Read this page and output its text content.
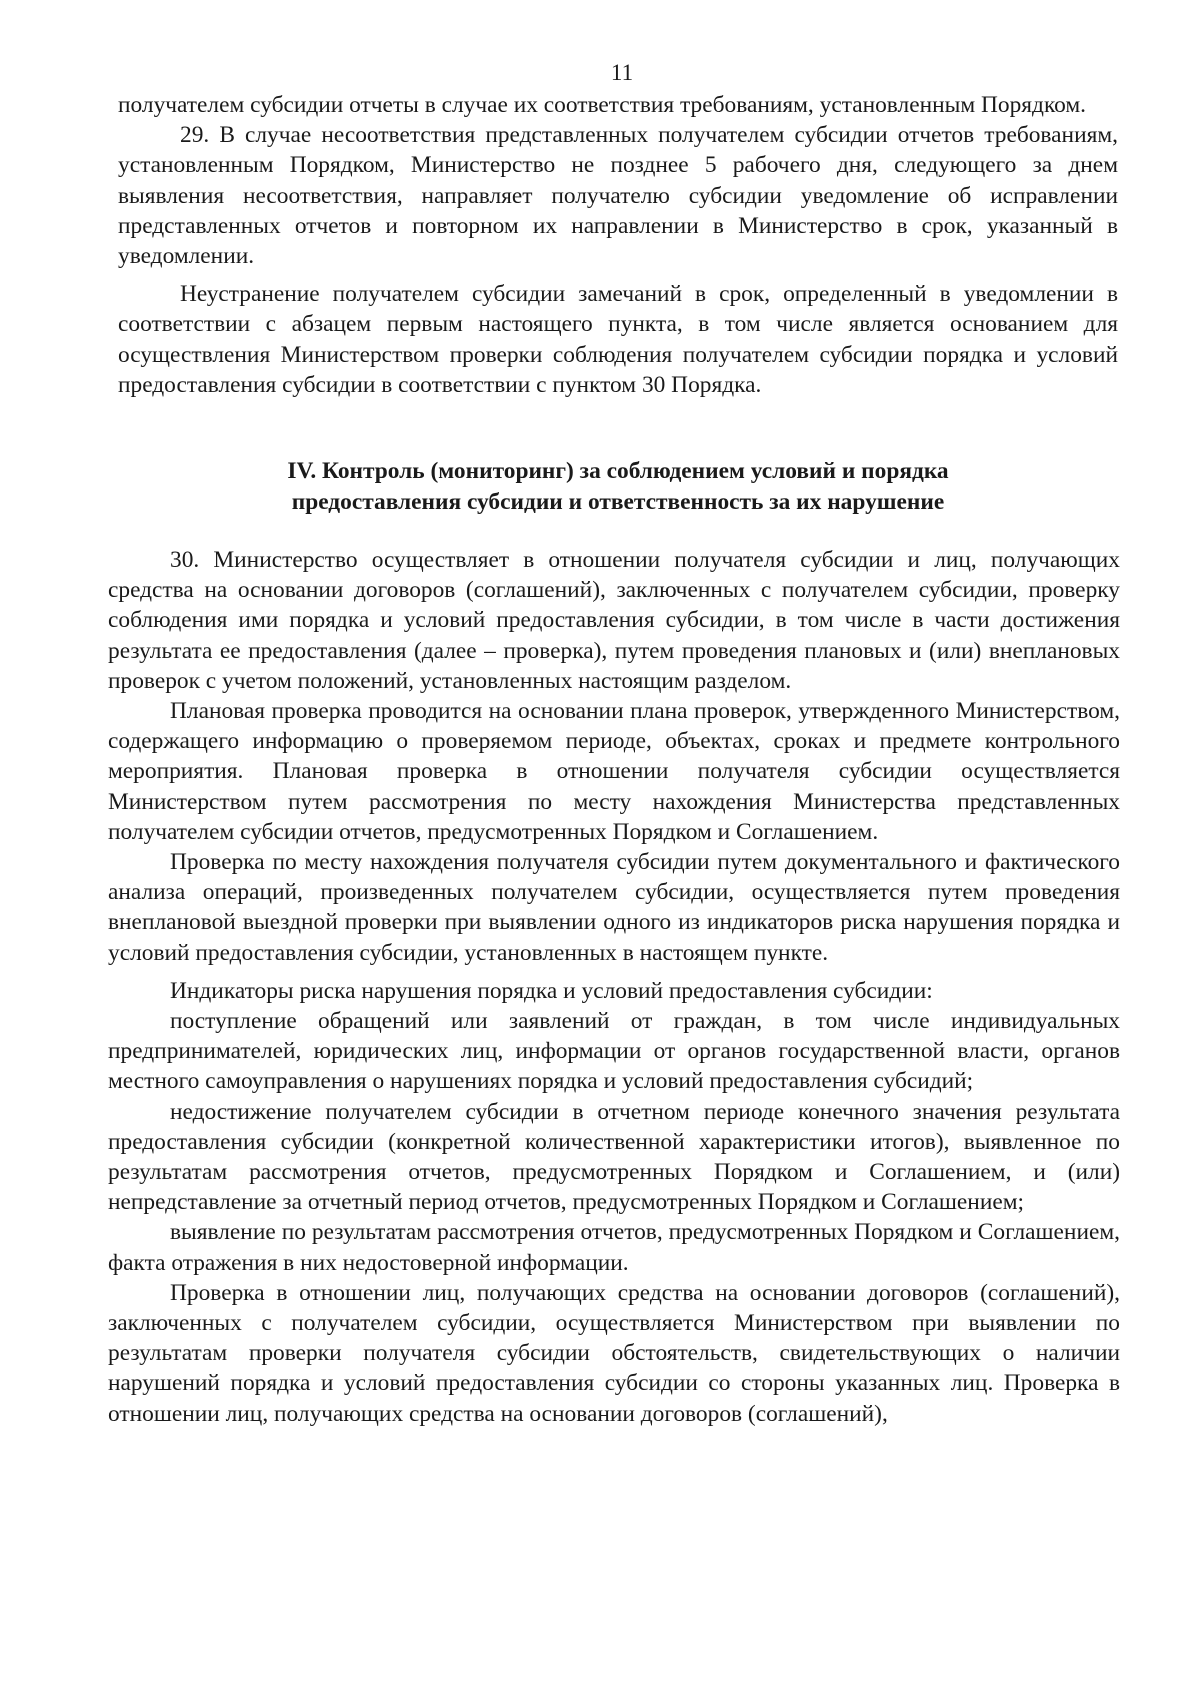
11

получателем субсидии отчеты в случае их соответствия требованиям, установленным Порядком.

29. В случае несоответствия представленных получателем субсидии отчетов требованиям, установленным Порядком, Министерство не позднее 5 рабочего дня, следующего за днем выявления несоответствия, направляет получателю субсидии уведомление об исправлении представленных отчетов и повторном их направлении в Министерство в срок, указанный в уведомлении.

Неустранение получателем субсидии замечаний в срок, определенный в уведомлении в соответствии с абзацем первым настоящего пункта, в том числе является основанием для осуществления Министерством проверки соблюдения получателем субсидии порядка и условий предоставления субсидии в соответствии с пунктом 30 Порядка.

IV. Контроль (мониторинг) за соблюдением условий и порядка

предоставления субсидии и ответственность за их нарушение

30. Министерство осуществляет в отношении получателя субсидии и лиц, получающих средства на основании договоров (соглашений), заключенных с получателем субсидии, проверку соблюдения ими порядка и условий предоставления субсидии, в том числе в части достижения результата ее предоставления (далее – проверка), путем проведения плановых и (или) внеплановых проверок с учетом положений, установленных настоящим разделом.

Плановая проверка проводится на основании плана проверок, утвержденного Министерством, содержащего информацию о проверяемом периоде, объектах, сроках и предмете контрольного мероприятия. Плановая проверка в отношении получателя субсидии осуществляется Министерством путем рассмотрения по месту нахождения Министерства представленных получателем субсидии отчетов, предусмотренных Порядком и Соглашением.

Проверка по месту нахождения получателя субсидии путем документального и фактического анализа операций, произведенных получателем субсидии, осуществляется путем проведения внеплановой выездной проверки при выявлении одного из индикаторов риска нарушения порядка и условий предоставления субсидии, установленных в настоящем пункте.

Индикаторы риска нарушения порядка и условий предоставления субсидии:

поступление обращений или заявлений от граждан, в том числе индивидуальных предпринимателей, юридических лиц, информации от органов государственной власти, органов местного самоуправления о нарушениях порядка и условий предоставления субсидий;

недостижение получателем субсидии в отчетном периоде конечного значения результата предоставления субсидии (конкретной количественной характеристики итогов), выявленное по результатам рассмотрения отчетов, предусмотренных Порядком и Соглашением, и (или) непредставление за отчетный период отчетов, предусмотренных Порядком и Соглашением;

выявление по результатам рассмотрения отчетов, предусмотренных Порядком и Соглашением, факта отражения в них недостоверной информации.

Проверка в отношении лиц, получающих средства на основании договоров (соглашений), заключенных с получателем субсидии, осуществляется Министерством при выявлении по результатам проверки получателя субсидии обстоятельств, свидетельствующих о наличии нарушений порядка и условий предоставления субсидии со стороны указанных лиц. Проверка в отношении лиц, получающих средства на основании договоров (соглашений),
